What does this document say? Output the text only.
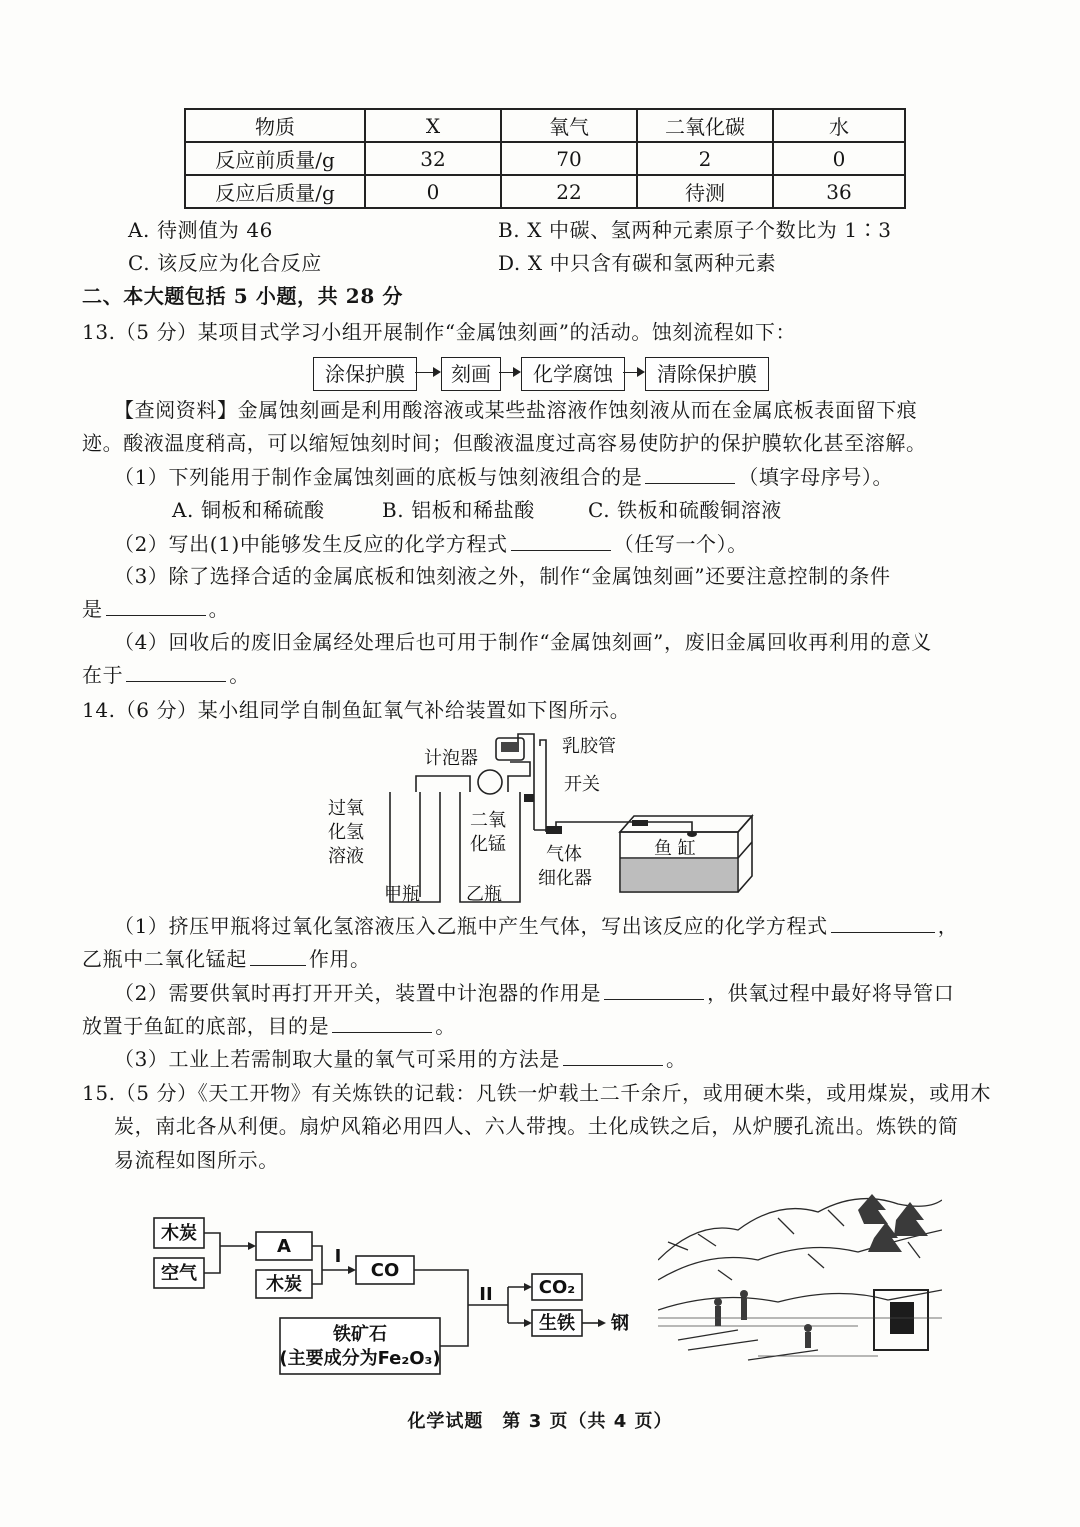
物质	X	氧气	二氧化碳	水
反应前质量/g	32	70	2	0
反应后质量/g	0	22	待测	36
A. 待测值为 46	B. X 中碳、氢两种元素原子个数比为 1∶3
C. 该反应为化合反应	D. X 中只含有碳和氢两种元素
二、本大题包括 5 小题，共 28 分
13.（5 分）某项目式学习小组开展制作“金属蚀刻画”的活动。蚀刻流程如下：
涂保护膜	刻画	化学腐蚀	清除保护膜
【查阅资料】金属蚀刻画是利用酸溶液或某些盐溶液作蚀刻液从而在金属底板表面留下痕
迹。酸液温度稍高，可以缩短蚀刻时间；但酸液温度过高容易使防护的保护膜软化甚至溶解。
（1）下列能用于制作金属蚀刻画的底板与蚀刻液组合的是	（填字母序号）。
A. 铜板和稀硫酸	B. 铝板和稀盐酸	C. 铁板和硫酸铜溶液
（2）写出(1)中能够发生反应的化学方程式	（任写一个）。
（3）除了选择合适的金属底板和蚀刻液之外，制作“金属蚀刻画”还要注意控制的条件
是	。
（4）回收后的废旧金属经处理后也可用于制作“金属蚀刻画”，废旧金属回收再利用的意义
在于	。
14.（6 分）某小组同学自制鱼缸氧气补给装置如下图所示。
计泡器
乳胶管
开关
过氧
化氢
溶液
二氧
化锰 气体
细化器
甲瓶	乙瓶
鱼 缸
（1）挤压甲瓶将过氧化氢溶液压入乙瓶中产生气体，写出该反应的化学方程式	，
乙瓶中二氧化锰起	作用。
（2）需要供氧时再打开开关，装置中计泡器的作用是	，供氧过程中最好将导管口
放置于鱼缸的底部，目的是	。
（3）工业上若需制取大量的氧气可采用的方法是	。
15.（5 分）《天工开物》有关炼铁的记载：凡铁一炉载土二千余斤，或用硬木柴，或用煤炭，或用木
炭，南北各从利便。扇炉风箱必用四人、六人带拽。土化成铁之后，从炉腰孔流出。炼铁的简
易流程如图所示。
木炭
空气
A
木炭
I
CO
铁矿石
(主要成分为Fe₂O₃)
II	CO₂
生铁 钢
化学试题　第 3 页（共 4 页）
